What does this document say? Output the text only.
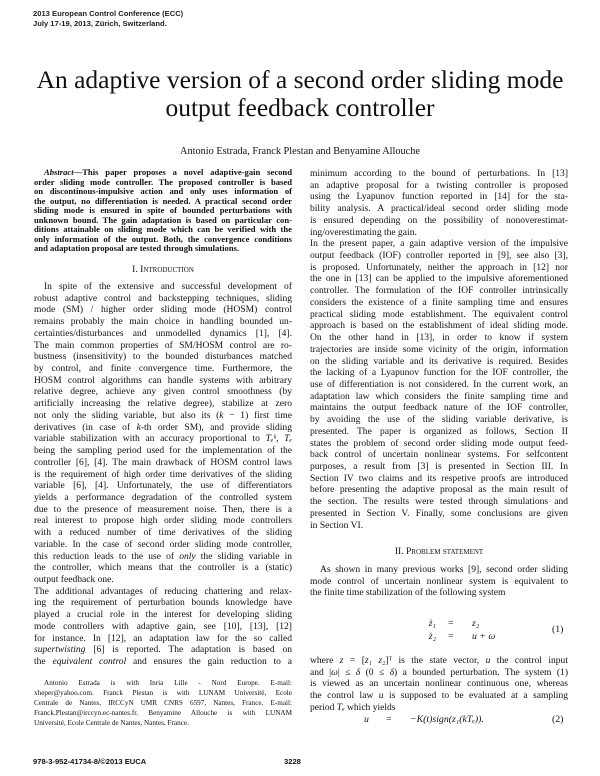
2013 European Control Conference (ECC)
July 17-19, 2013, Zürich, Switzerland.
An adaptive version of a second order sliding mode
output feedback controller
Antonio Estrada, Franck Plestan and Benyamine Allouche
Abstract—This paper proposes a novel adaptive-gain second
order sliding mode controller. The proposed controller is based
on discontinous-impulsive action and only uses information of
the output, no differentiation is needed. A practical second order
sliding mode is ensured in spite of bounded perturbations with
unknown bound. The gain adaptation is based on particular con-
ditions attainable on sliding mode which can be verified with the
only information of the output. Both, the convergence conditions
and adaptation proposal are tested through simulations.
I. Introduction
In spite of the extensive and successful development of
robust adaptive control and backstepping techniques, sliding
mode (SM) / higher order sliding mode (HOSM) control
remains probably the main choice in handling bounded un-
certainties/disturbances and unmodelled dynamics [1], [4].
The main common properties of SM/HOSM control are ro-
bustness (insensitivity) to the bounded disturbances matched
by control, and finite convergence time. Furthermore, the
HOSM control algorithms can handle systems with arbitrary
relative degree, achieve any given control smoothness (by
artificially increasing the relative degree), stabilize at zero
not only the sliding variable, but also its (k − 1) first time
derivatives (in case of k-th order SM), and provide sliding
variable stabilization with an accuracy proportional to Tₑᵏ, Tₑ
being the sampling period used for the implementation of the
controller [6], [4]. The main drawback of HOSM control laws
is the requirement of high order time derivatives of the sliding
variable [6], [4]. Unfortunately, the use of differentiators
yields a performance degradation of the controlled system
due to the presence of measurement noise. Then, there is a
real interest to propose high order sliding mode controllers
with a reduced number of time derivatives of the sliding
variable. In the case of second order sliding mode controller,
this reduction leads to the use of only the sliding variable in
the controller, which means that the controller is a (static)
output feedback one.
The additional advantages of reducing chattering and relax-
ing the requirement of perturbation bounds knowledge have
played a crucial role in the interest for developing sliding
mode controllers with adaptive gain, see [10], [13], [12]
for instance. In [12], an adaptation law for the so called
supertwisting [6] is reported. The adaptation is based on
the equivalent control and ensures the gain reduction to a
Antonio Estrada is with Inria Lille - Nord Europe. E-mail:
xheper@yahoo.com. Franck Plestan is with LUNAM Université, Ecole
Centrale de Nantes, IRCCyN UMR CNRS 6597, Nantes, France. E-mail:
Franck.Plestan@irccyn.ec-nantes.fr. Benyamine Allouche is with LUNAM
Université, Ecole Centrale de Nantes, Nantes, France.
minimum according to the bound of perturbations. In [13]
an adaptive proposal for a twisting controller is proposed
using the Lyapunov function reported in [14] for the sta-
bility analysis. A practical/ideal second order sliding mode
is ensured depending on the possibility of nonoverestimat-
ing/overestimating the gain.
In the present paper, a gain adaptive version of the impulsive
output feedback (IOF) controller reported in [9], see also [3],
is proposed. Unfortunately, neither the approach in [12] nor
the one in [13] can be applied to the impulsive aforementioned
controller. The formulation of the IOF controller intrinsically
considers the existence of a finite sampling time and ensures
practical sliding mode establishment. The equivalent control
approach is based on the establishment of ideal sliding mode.
On the other hand in [13], in order to know if system
trajectories are inside some vicinity of the origin, information
on the sliding variable and its derivative is required. Besides
the lacking of a Lyapunov function for the IOF controller, the
use of differentiation is not considered. In the current work, an
adaptation law which considers the finite sampling time and
maintains the output feedback nature of the IOF controller,
by avoiding the use of the sliding variable derivative, is
presented. The paper is organized as follows, Section II
states the problem of second order sliding mode output feed-
back control of uncertain nonlinear systems. For selfcontent
purposes, a result from [3] is presented in Section III. In
Section IV two claims and its respetive proofs are introduced
before presenting the adaptive proposal as the main result of
the section. The results were tested through simulations and
presented in Section V. Finally, some conclusions are given
in Section VI.
II. Problem statement
As shown in many previous works [9], second order sliding
mode control of uncertain nonlinear system is equivalent to
the finite time stabilization of the following system
ż₁
ż₂
=
=
z₂
u + ω
(1)
where z = [z₁ z₂]ᵀ is the state vector, u the control input
and |ω| ≤ δ (0 ≤ δ) a bounded perturbation. The system (1)
is viewed as an uncertain nonlinear continuous one, whereas
the control law u is supposed to be evaluated at a sampling
period Tₑ which yields
u = −K(t)sign(z₁(kTₑ)).	(2)
978-3-952-41734-8/©2013 EUCA	3228
